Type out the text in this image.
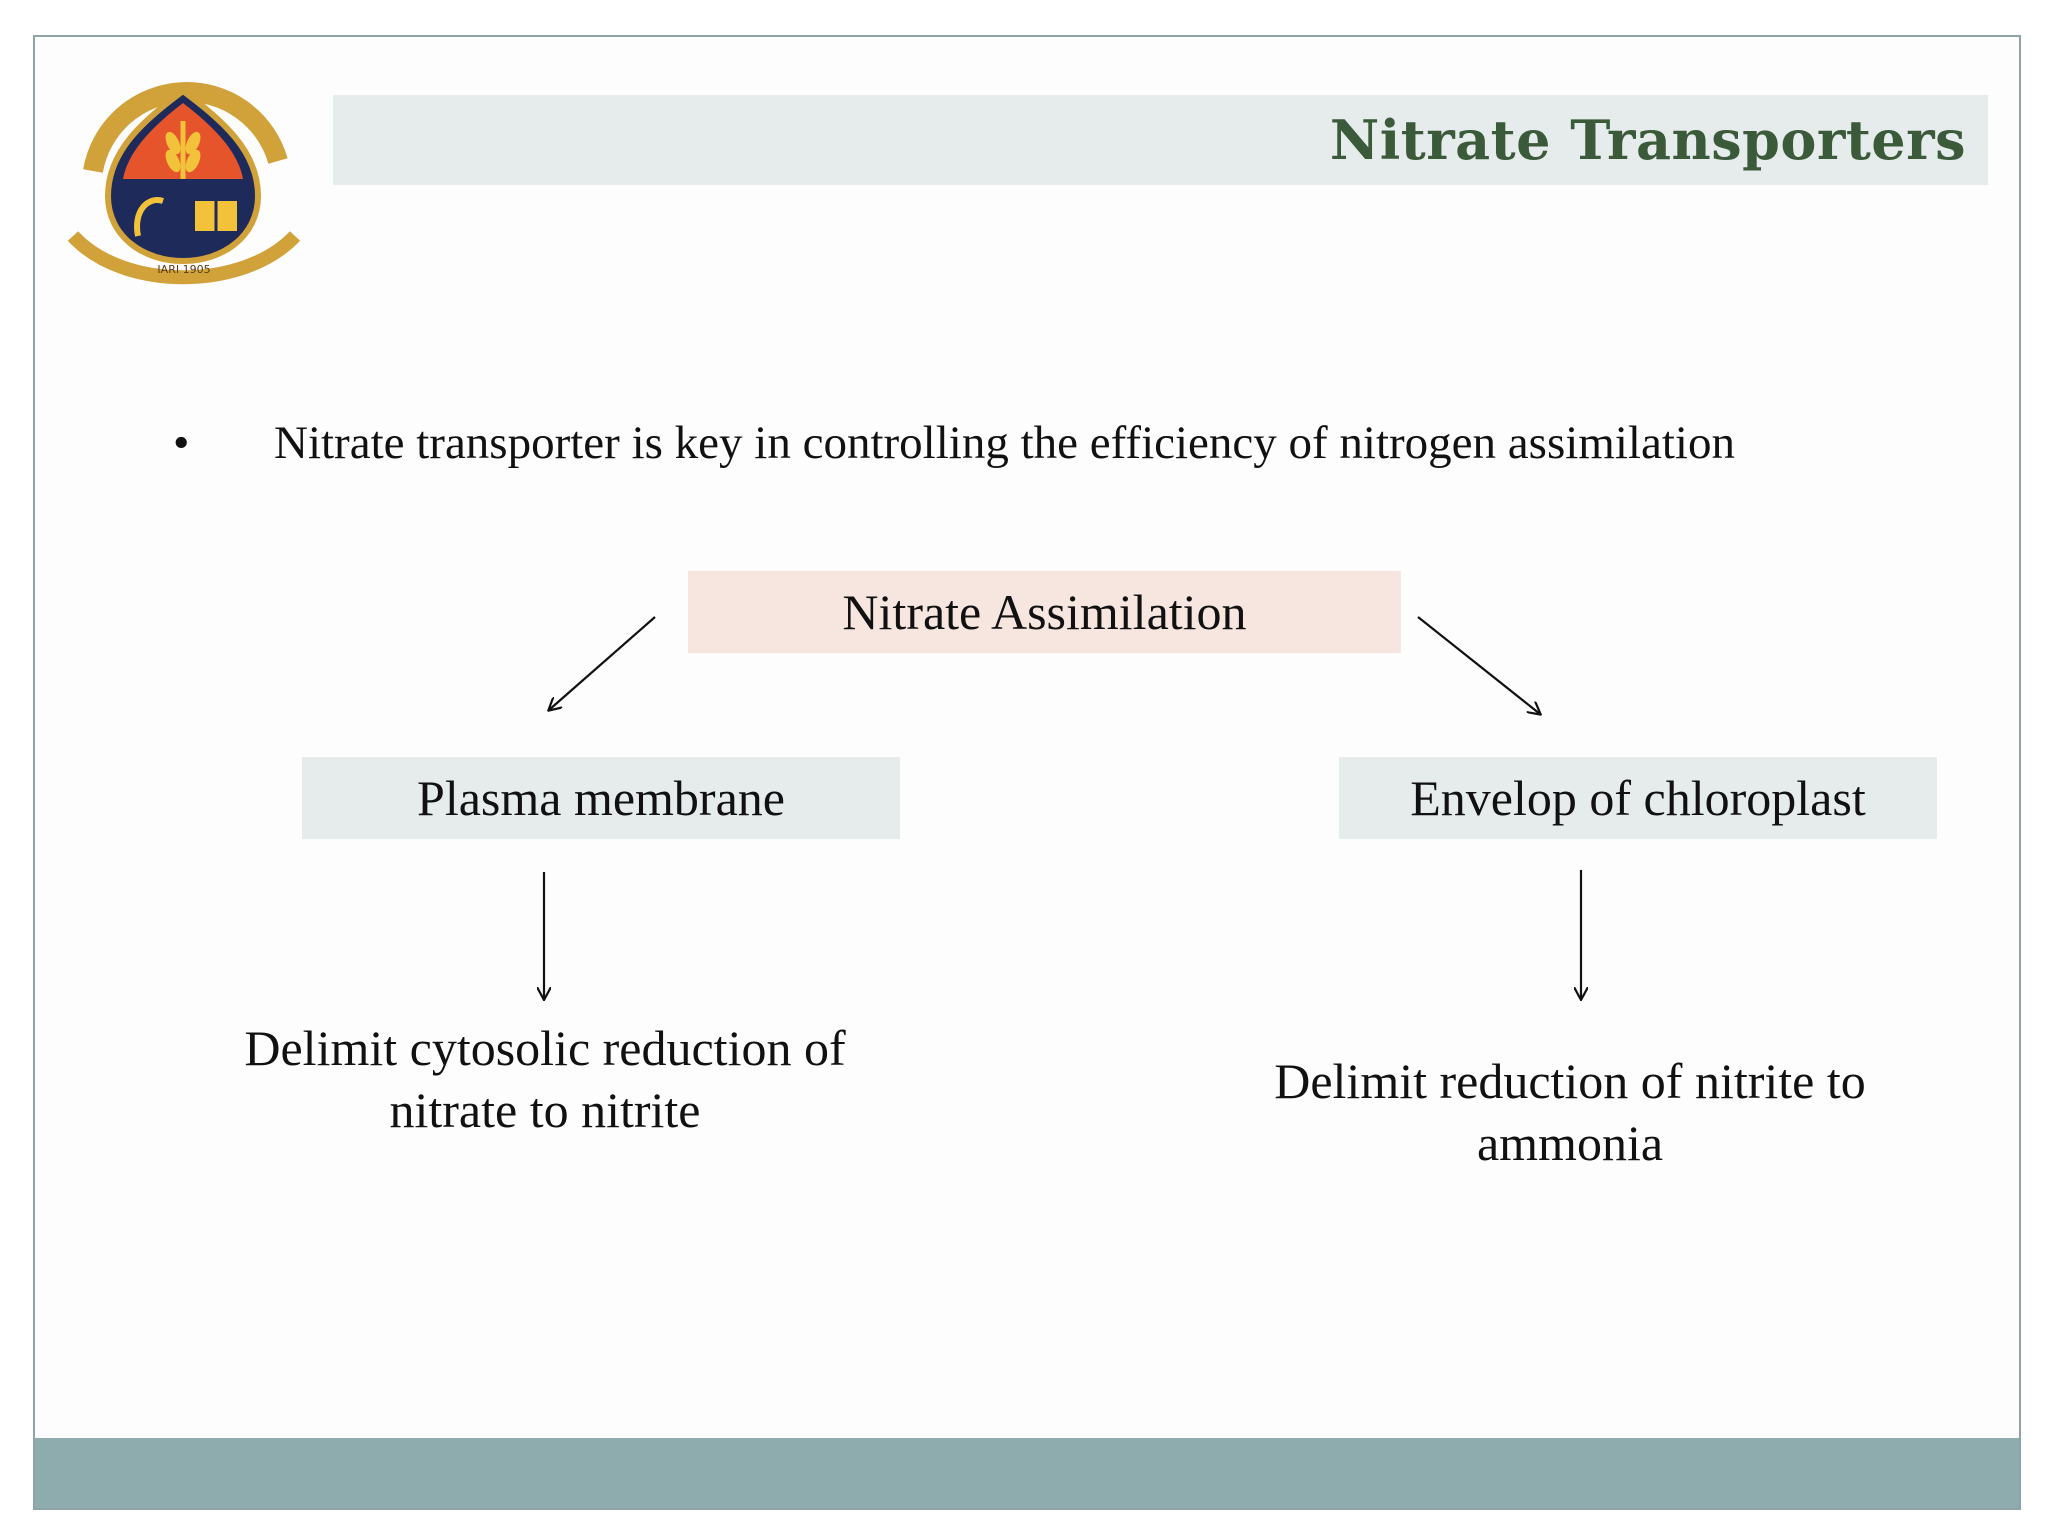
IARI 1905
Nitrate Transporters
•	Nitrate transporter is key in controlling the efficiency of nitrogen assimilation
Nitrate Assimilation
Plasma membrane	Envelop of chloroplast
Delimit cytosolic reduction of nitrate to nitrite
Delimit reduction of nitrite to ammonia
